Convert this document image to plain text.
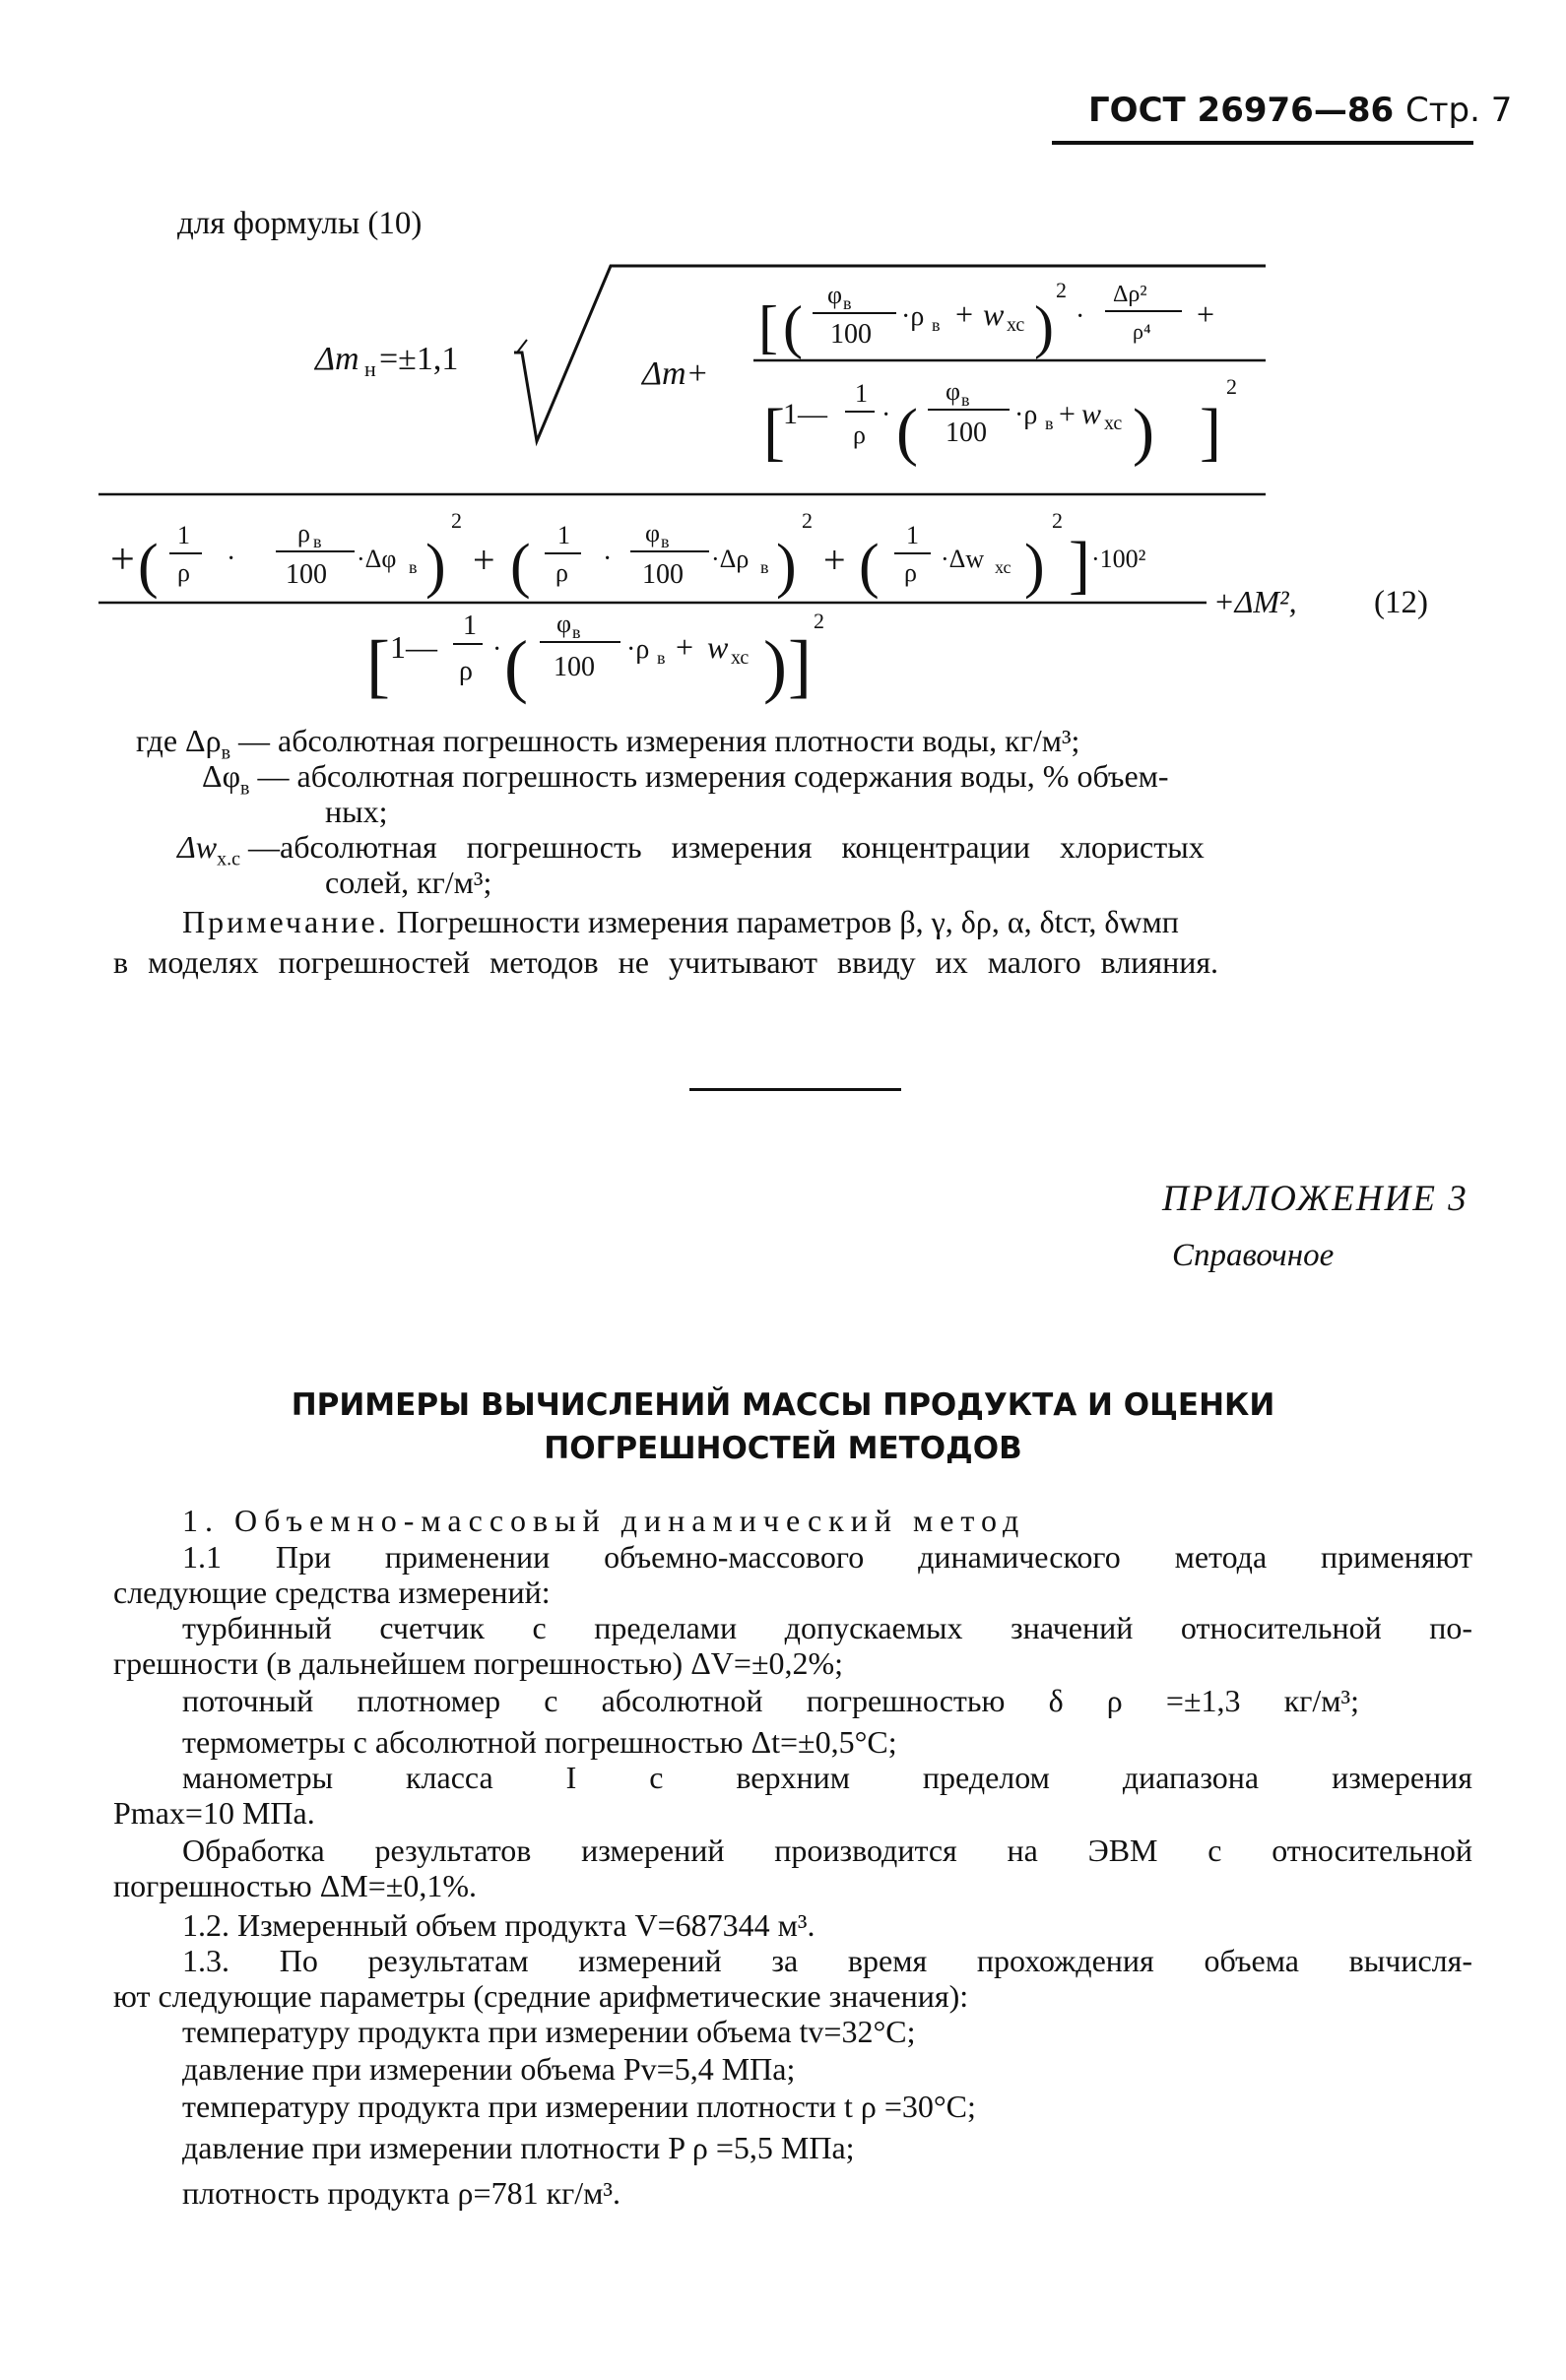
ГОСТ 26976—86 Стр. 7
для формулы (10)
Δm н =±1,1	Δm+
[ ( φ в
100
·ρ в + w хс )
2
·
Δρ²
ρ⁴ +
[
1—
1
ρ
· (
φ в
100
·ρ в + w хс ) ]
2
+ ( 1
ρ ·
ρ в
100
·Δφ в )
2
+ ( 1
ρ ·
φ в
100
·Δρ в )
2
+ ( 1
ρ ·Δw хс )
2
] ·100²
+ΔM², (12)
[ 1—
1
ρ
· (
φ в
100
·ρ в + w хс ) ]
2
где $\Delta\rho_в$ — абсолютная погрешность измерения плотности воды, кг/м³;
$\Delta\varphi_в$ — абсолютная погрешность измерения содержания воды, % объем-
ных;
$\Delta w_{х.с}$ —абсолютная погрешность измерения концентрации хлористых
солей, кг/м³;
Примечание. Погрешности измерения параметров β, γ, δρ, α, δtст, δwмп
в моделях погрешностей методов не учитывают ввиду их малого влияния.
ПРИЛОЖЕНИЕ 3
Справочное
ПРИМЕРЫ ВЫЧИСЛЕНИЙ МАССЫ ПРОДУКТА И ОЦЕНКИ
ПОГРЕШНОСТЕЙ МЕТОДОВ
1. Объемно-массовый динамический метод
1.1 При применении объемно-массового динамического метода применяют
следующие средства измерений:
турбинный счетчик с пределами допускаемых значений относительной по-
грешности (в дальнейшем погрешностью) ΔV=±0,2%;
поточный плотномер с абсолютной погрешностью δ ρ =±1,3 кг/м³;
термометры с абсолютной погрешностью Δt=±0,5°C;
манометры класса I с верхним пределом диапазона измерения
Pmax=10 МПа.
Обработка результатов измерений производится на ЭВМ с относительной
погрешностью ΔM=±0,1%.
1.2. Измеренный объем продукта V=687344 м³.
1.3. По результатам измерений за время прохождения объема вычисля-
ют следующие параметры (средние арифметические значения):
температуру продукта при измерении объема tv=32°C;
давление при измерении объема Pv=5,4 МПа;
температуру продукта при измерении плотности t ρ =30°C;
давление при измерении плотности P ρ =5,5 МПа;
плотность продукта ρ=781 кг/м³.
